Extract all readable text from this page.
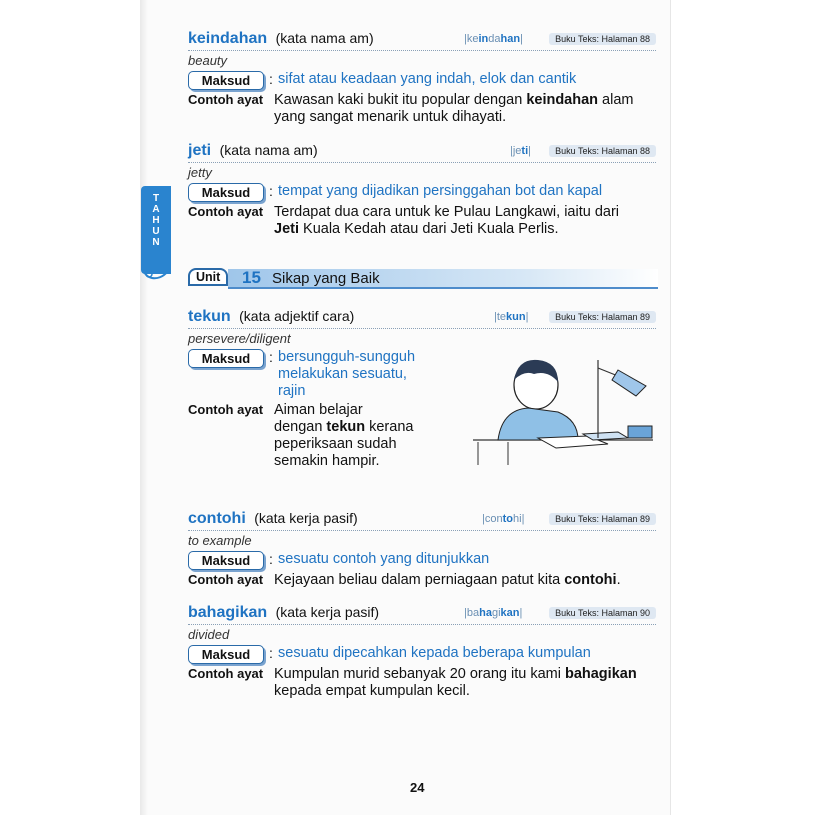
T
A
H
U
N
keindahan (kata nama am)	|keindahan|	Buku Teks: Halaman 88
beauty
Maksud	: sifat atau keadaan yang indah, elok dan cantik
Contoh ayat Kawasan kaki bukit itu popular dengan keindahan alam
yang sangat menarik untuk dihayati.
jeti (kata nama am)	|jeti|	Buku Teks: Halaman 88
jetty
Maksud	: tempat yang dijadikan persinggahan bot dan kapal
Contoh ayat Terdapat dua cara untuk ke Pulau Langkawi, iaitu dari
Jeti Kuala Kedah atau dari Jeti Kuala Perlis.
Unit	15 Sikap yang Baik
tekun (kata adjektif cara)	|tekun|	Buku Teks: Halaman 89
persevere/diligent
Maksud	: bersungguh-sungguh
melakukan sesuatu,
rajin
Contoh ayat Aiman belajar
dengan tekun kerana
peperiksaan sudah
semakin hampir.
contohi (kata kerja pasif)	|contohi|	Buku Teks: Halaman 89
to example
Maksud	: sesuatu contoh yang ditunjukkan
Contoh ayat Kejayaan beliau dalam perniagaan patut kita contohi.
bahagikan (kata kerja pasif)	|bahagikan|	Buku Teks: Halaman 90
divided
Maksud	: sesuatu dipecahkan kepada beberapa kumpulan
Contoh ayat Kumpulan murid sebanyak 20 orang itu kami bahagikan
kepada empat kumpulan kecil.
24
